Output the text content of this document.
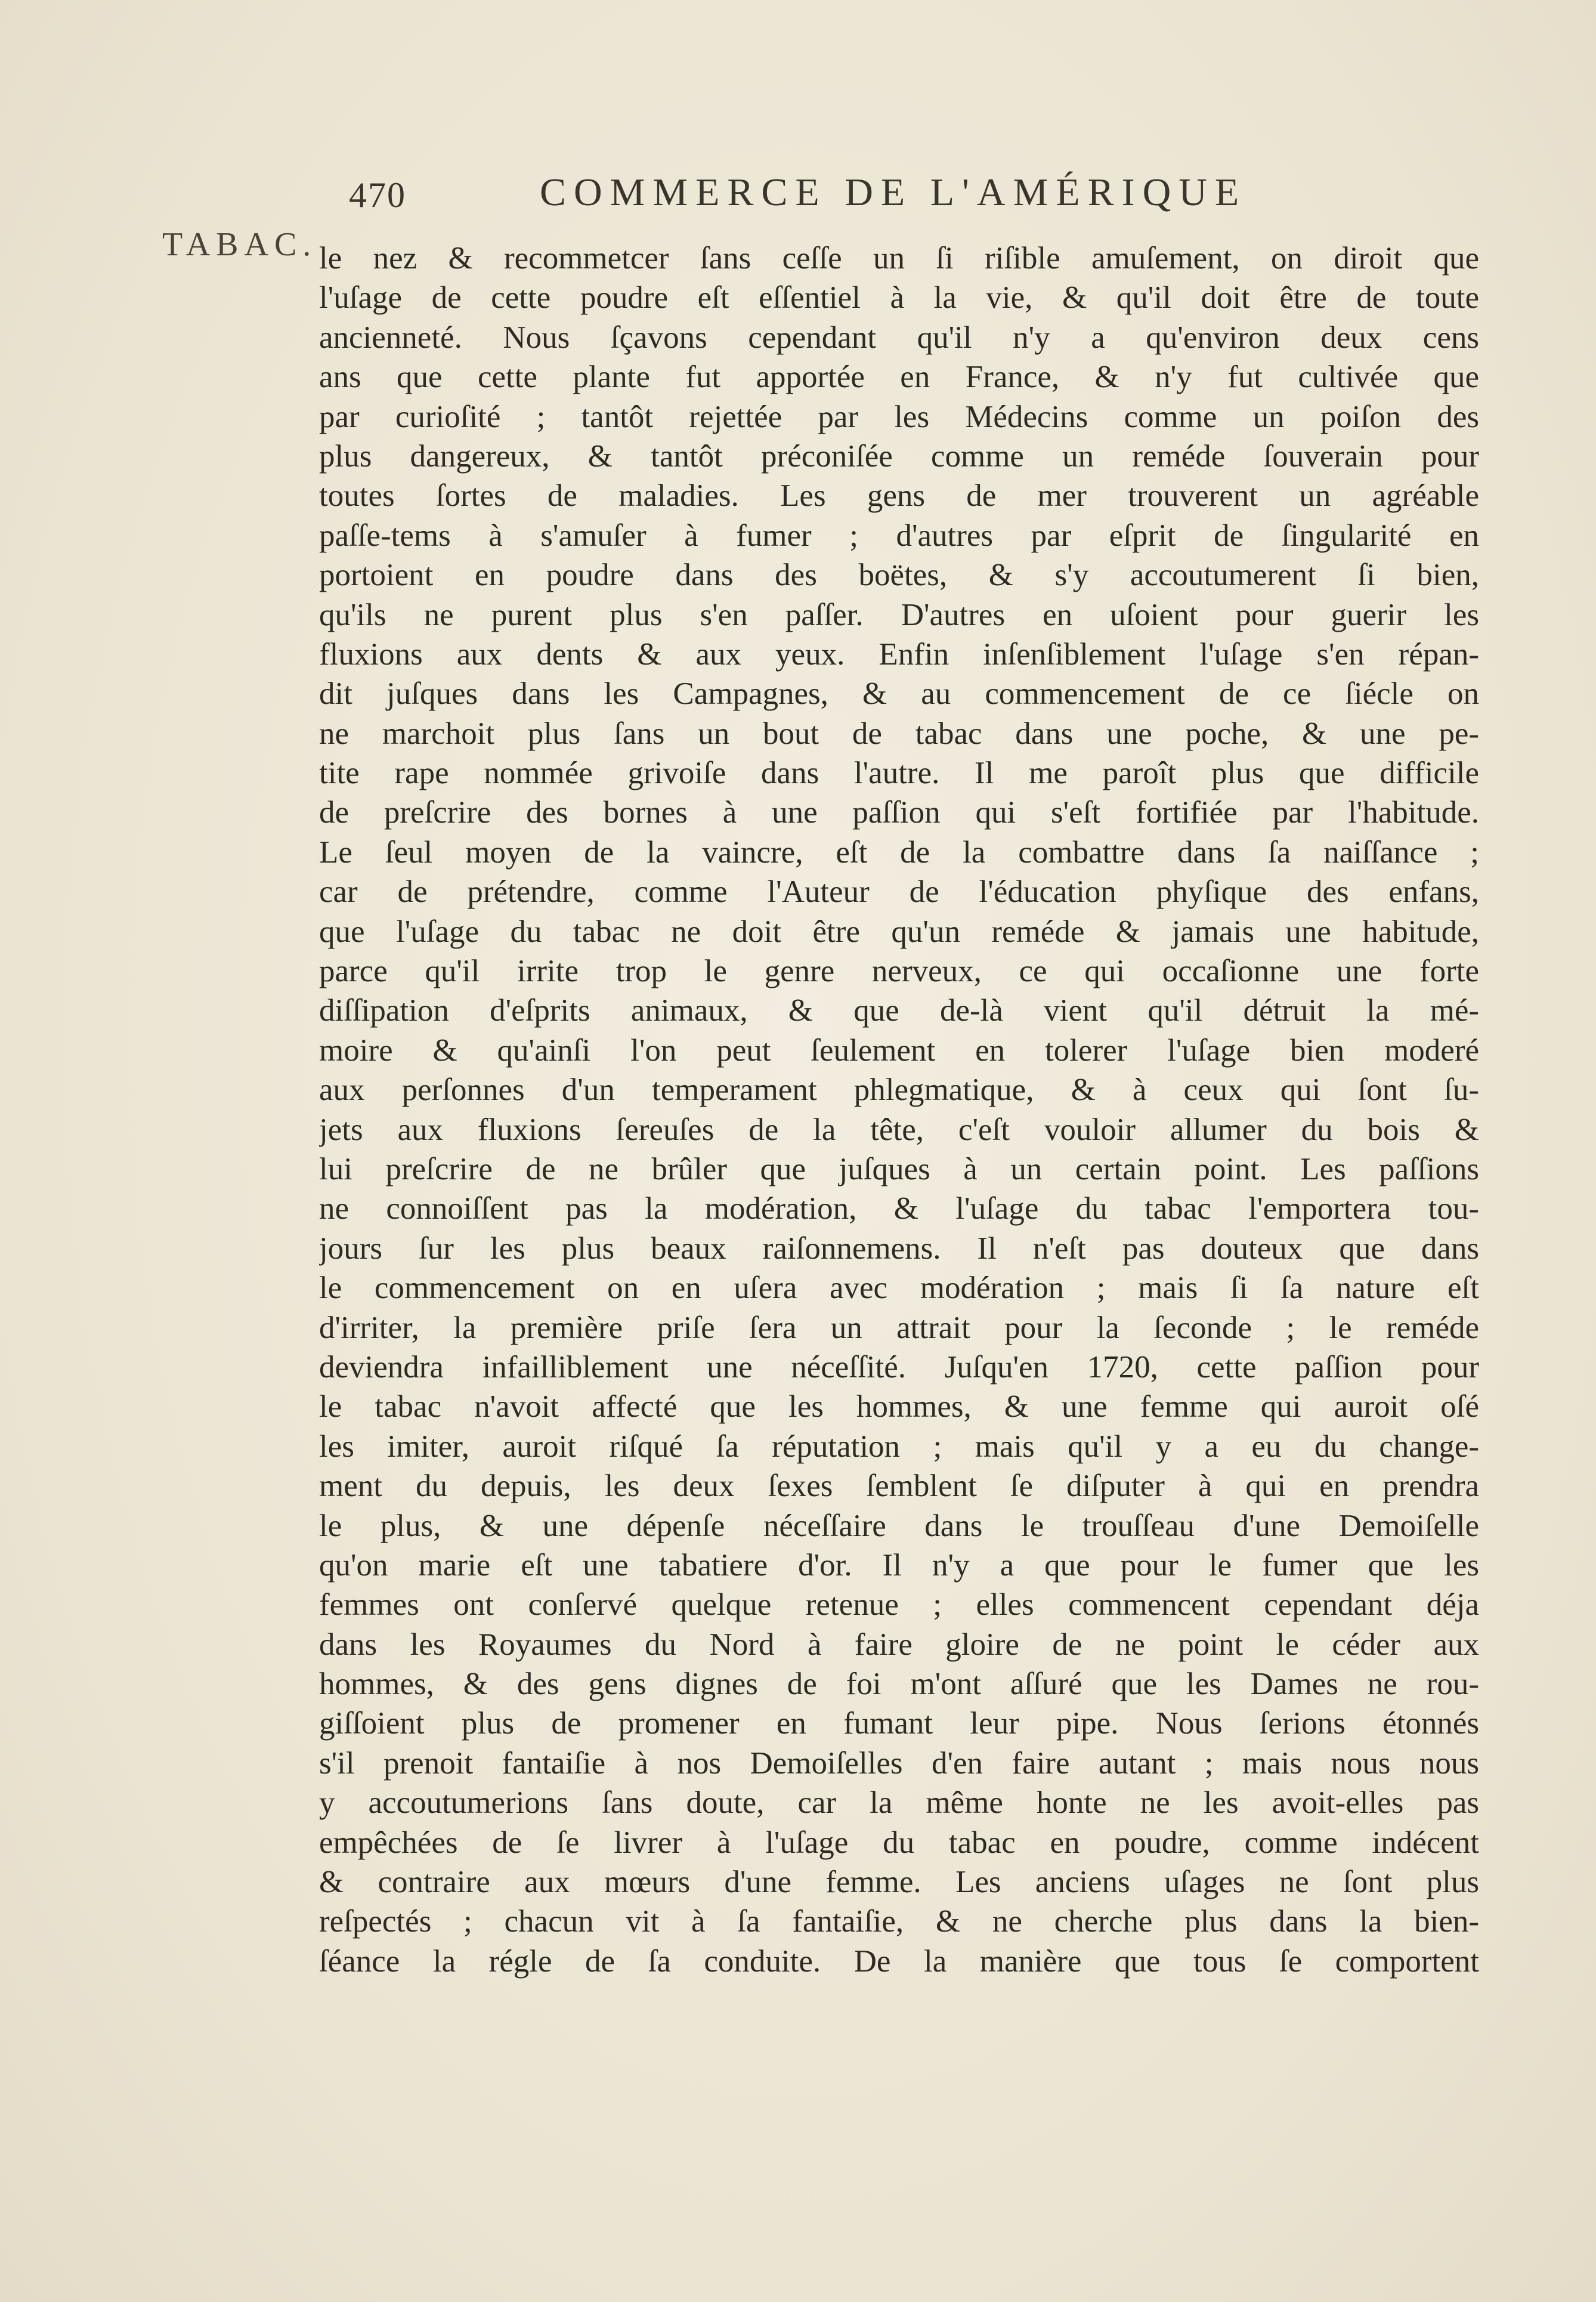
470	COMMERCE DE L'AMÉRIQUE
TABAC. le nez & recommetcer ſans ceſſe un ſi riſible amuſement, on diroit que
l'uſage de cette poudre eſt eſſentiel à la vie, & qu'il doit être de toute
ancienneté. Nous ſçavons cependant qu'il n'y a qu'environ deux cens
ans que cette plante fut apportée en France, & n'y fut cultivée que
par curioſité ; tantôt rejettée par les Médecins comme un poiſon des
plus dangereux, & tantôt préconiſée comme un reméde ſouverain pour
toutes ſortes de maladies. Les gens de mer trouverent un agréable
paſſe-tems à s'amuſer à fumer ; d'autres par eſprit de ſingularité en
portoient en poudre dans des boëtes, & s'y accoutumerent ſi bien,
qu'ils ne purent plus s'en paſſer. D'autres en uſoient pour guerir les
fluxions aux dents & aux yeux. Enfin inſenſiblement l'uſage s'en répan-
dit juſques dans les Campagnes, & au commencement de ce ſiécle on
ne marchoit plus ſans un bout de tabac dans une poche, & une pe-
tite rape nommée grivoiſe dans l'autre. Il me paroît plus que difficile
de preſcrire des bornes à une paſſion qui s'eſt fortifiée par l'habitude.
Le ſeul moyen de la vaincre, eſt de la combattre dans ſa naiſſance ;
car de prétendre, comme l'Auteur de l'éducation phyſique des enfans,
que l'uſage du tabac ne doit être qu'un reméde & jamais une habitude,
parce qu'il irrite trop le genre nerveux, ce qui occaſionne une forte
diſſipation d'eſprits animaux, & que de-là vient qu'il détruit la mé-
moire & qu'ainſi l'on peut ſeulement en tolerer l'uſage bien moderé
aux perſonnes d'un temperament phlegmatique, & à ceux qui ſont ſu-
jets aux fluxions ſereuſes de la tête, c'eſt vouloir allumer du bois &
lui preſcrire de ne brûler que juſques à un certain point. Les paſſions
ne connoiſſent pas la modération, & l'uſage du tabac l'emportera tou-
jours ſur les plus beaux raiſonnemens. Il n'eſt pas douteux que dans
le commencement on en uſera avec modération ; mais ſi ſa nature eſt
d'irriter, la première priſe ſera un attrait pour la ſeconde ; le reméde
deviendra infailliblement une néceſſité. Juſqu'en 1720, cette paſſion pour
le tabac n'avoit affecté que les hommes, & une femme qui auroit oſé
les imiter, auroit riſqué ſa réputation ; mais qu'il y a eu du change-
ment du depuis, les deux ſexes ſemblent ſe diſputer à qui en prendra
le plus, & une dépenſe néceſſaire dans le trouſſeau d'une Demoiſelle
qu'on marie eſt une tabatiere d'or. Il n'y a que pour le fumer que les
femmes ont conſervé quelque retenue ; elles commencent cependant déja
dans les Royaumes du Nord à faire gloire de ne point le céder aux
hommes, & des gens dignes de foi m'ont aſſuré que les Dames ne rou-
giſſoient plus de promener en fumant leur pipe. Nous ſerions étonnés
s'il prenoit fantaiſie à nos Demoiſelles d'en faire autant ; mais nous nous
y accoutumerions ſans doute, car la même honte ne les avoit-elles pas
empêchées de ſe livrer à l'uſage du tabac en poudre, comme indécent
& contraire aux mœurs d'une femme. Les anciens uſages ne ſont plus
reſpectés ; chacun vit à ſa fantaiſie, & ne cherche plus dans la bien-
ſéance la régle de ſa conduite. De la manière que tous ſe comportent
